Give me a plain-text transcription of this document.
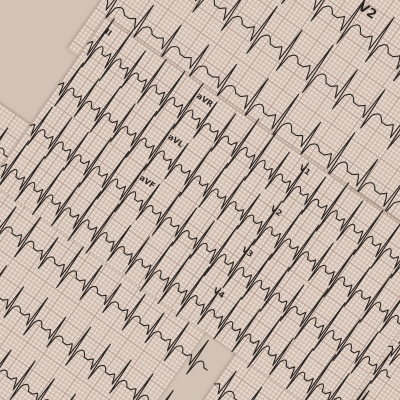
V2
II
aVR
V1
aVL
V2
aVF
V3
V4
